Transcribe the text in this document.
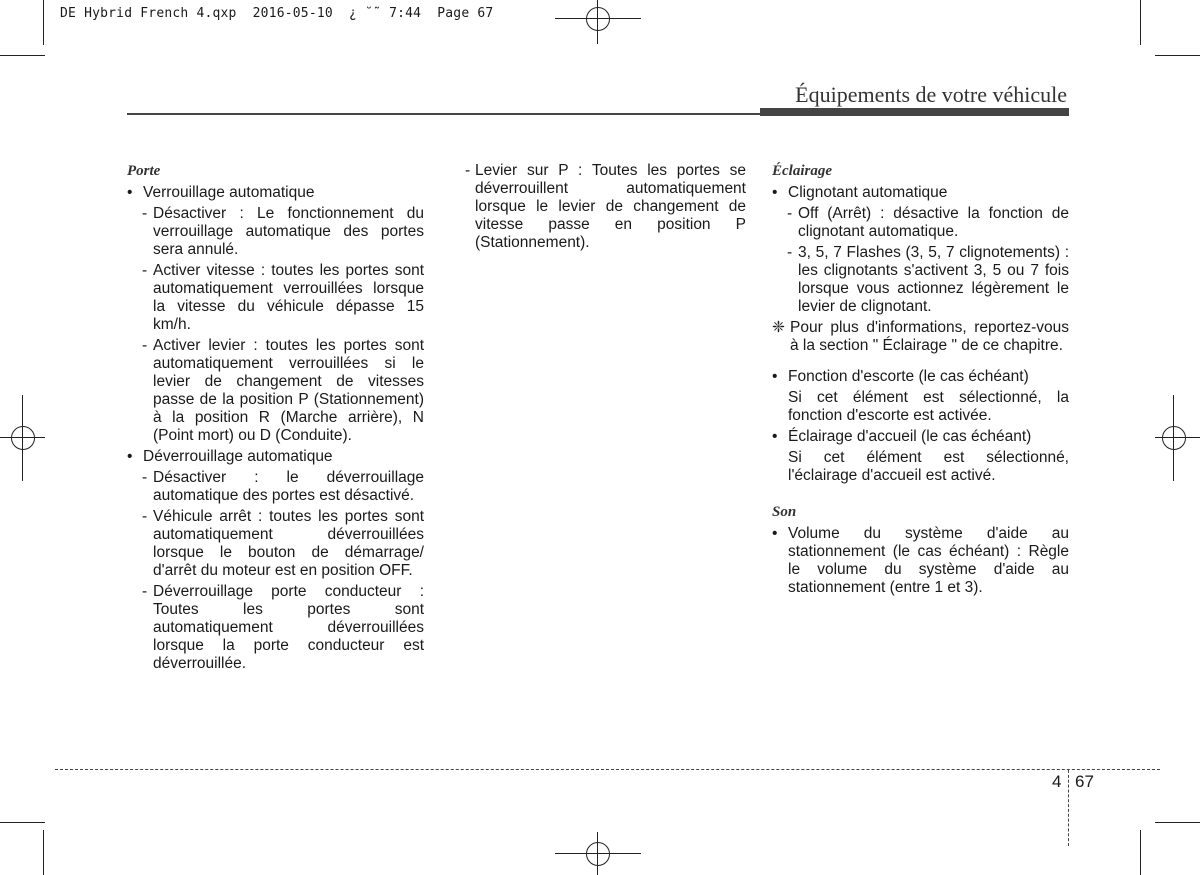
DE Hybrid French 4.qxp  2016-05-10  ¿ ˘˜ 7:44  Page 67
Équipements de votre véhicule
Porte
• Verrouillage automatique
- Désactiver : Le fonctionnement du verrouillage automatique des portes sera annulé.
- Activer vitesse : toutes les portes sont automatiquement verrouillées lorsque la vitesse du véhicule dépasse 15 km/h.
- Activer levier : toutes les portes sont automatiquement verrouillées si le levier de changement de vitesses passe de la position P (Stationnement) à la position R (Marche arrière), N (Point mort) ou D (Conduite).
• Déverrouillage automatique
- Désactiver : le déverrouillage automatique des portes est désactivé.
- Véhicule arrêt : toutes les portes sont automatiquement déverrouillées lorsque le bouton de démarrage/ d'arrêt du moteur est en position OFF.
- Déverrouillage porte conducteur : Toutes les portes sont automatiquement déverrouillées lorsque la porte conducteur est déverrouillée.
- Levier sur P : Toutes les portes se déverrouillent automatiquement lorsque le levier de changement de vitesse passe en position P (Stationnement).
Éclairage
• Clignotant automatique
- Off (Arrêt) : désactive la fonction de clignotant automatique.
- 3, 5, 7 Flashes (3, 5, 7 clignotements) : les clignotants s'activent 3, 5 ou 7 fois lorsque vous actionnez légèrement le levier de clignotant.
❈ Pour plus d'informations, reportez-vous à la section " Éclairage " de ce chapitre.
• Fonction d'escorte (le cas échéant)
Si cet élément est sélectionné, la fonction d'escorte est activée.
• Éclairage d'accueil (le cas échéant)
Si cet élément est sélectionné, l'éclairage d'accueil est activé.
Son
• Volume du système d'aide au stationnement (le cas échéant) : Règle le volume du système d'aide au stationnement (entre 1 et 3).
4 67
